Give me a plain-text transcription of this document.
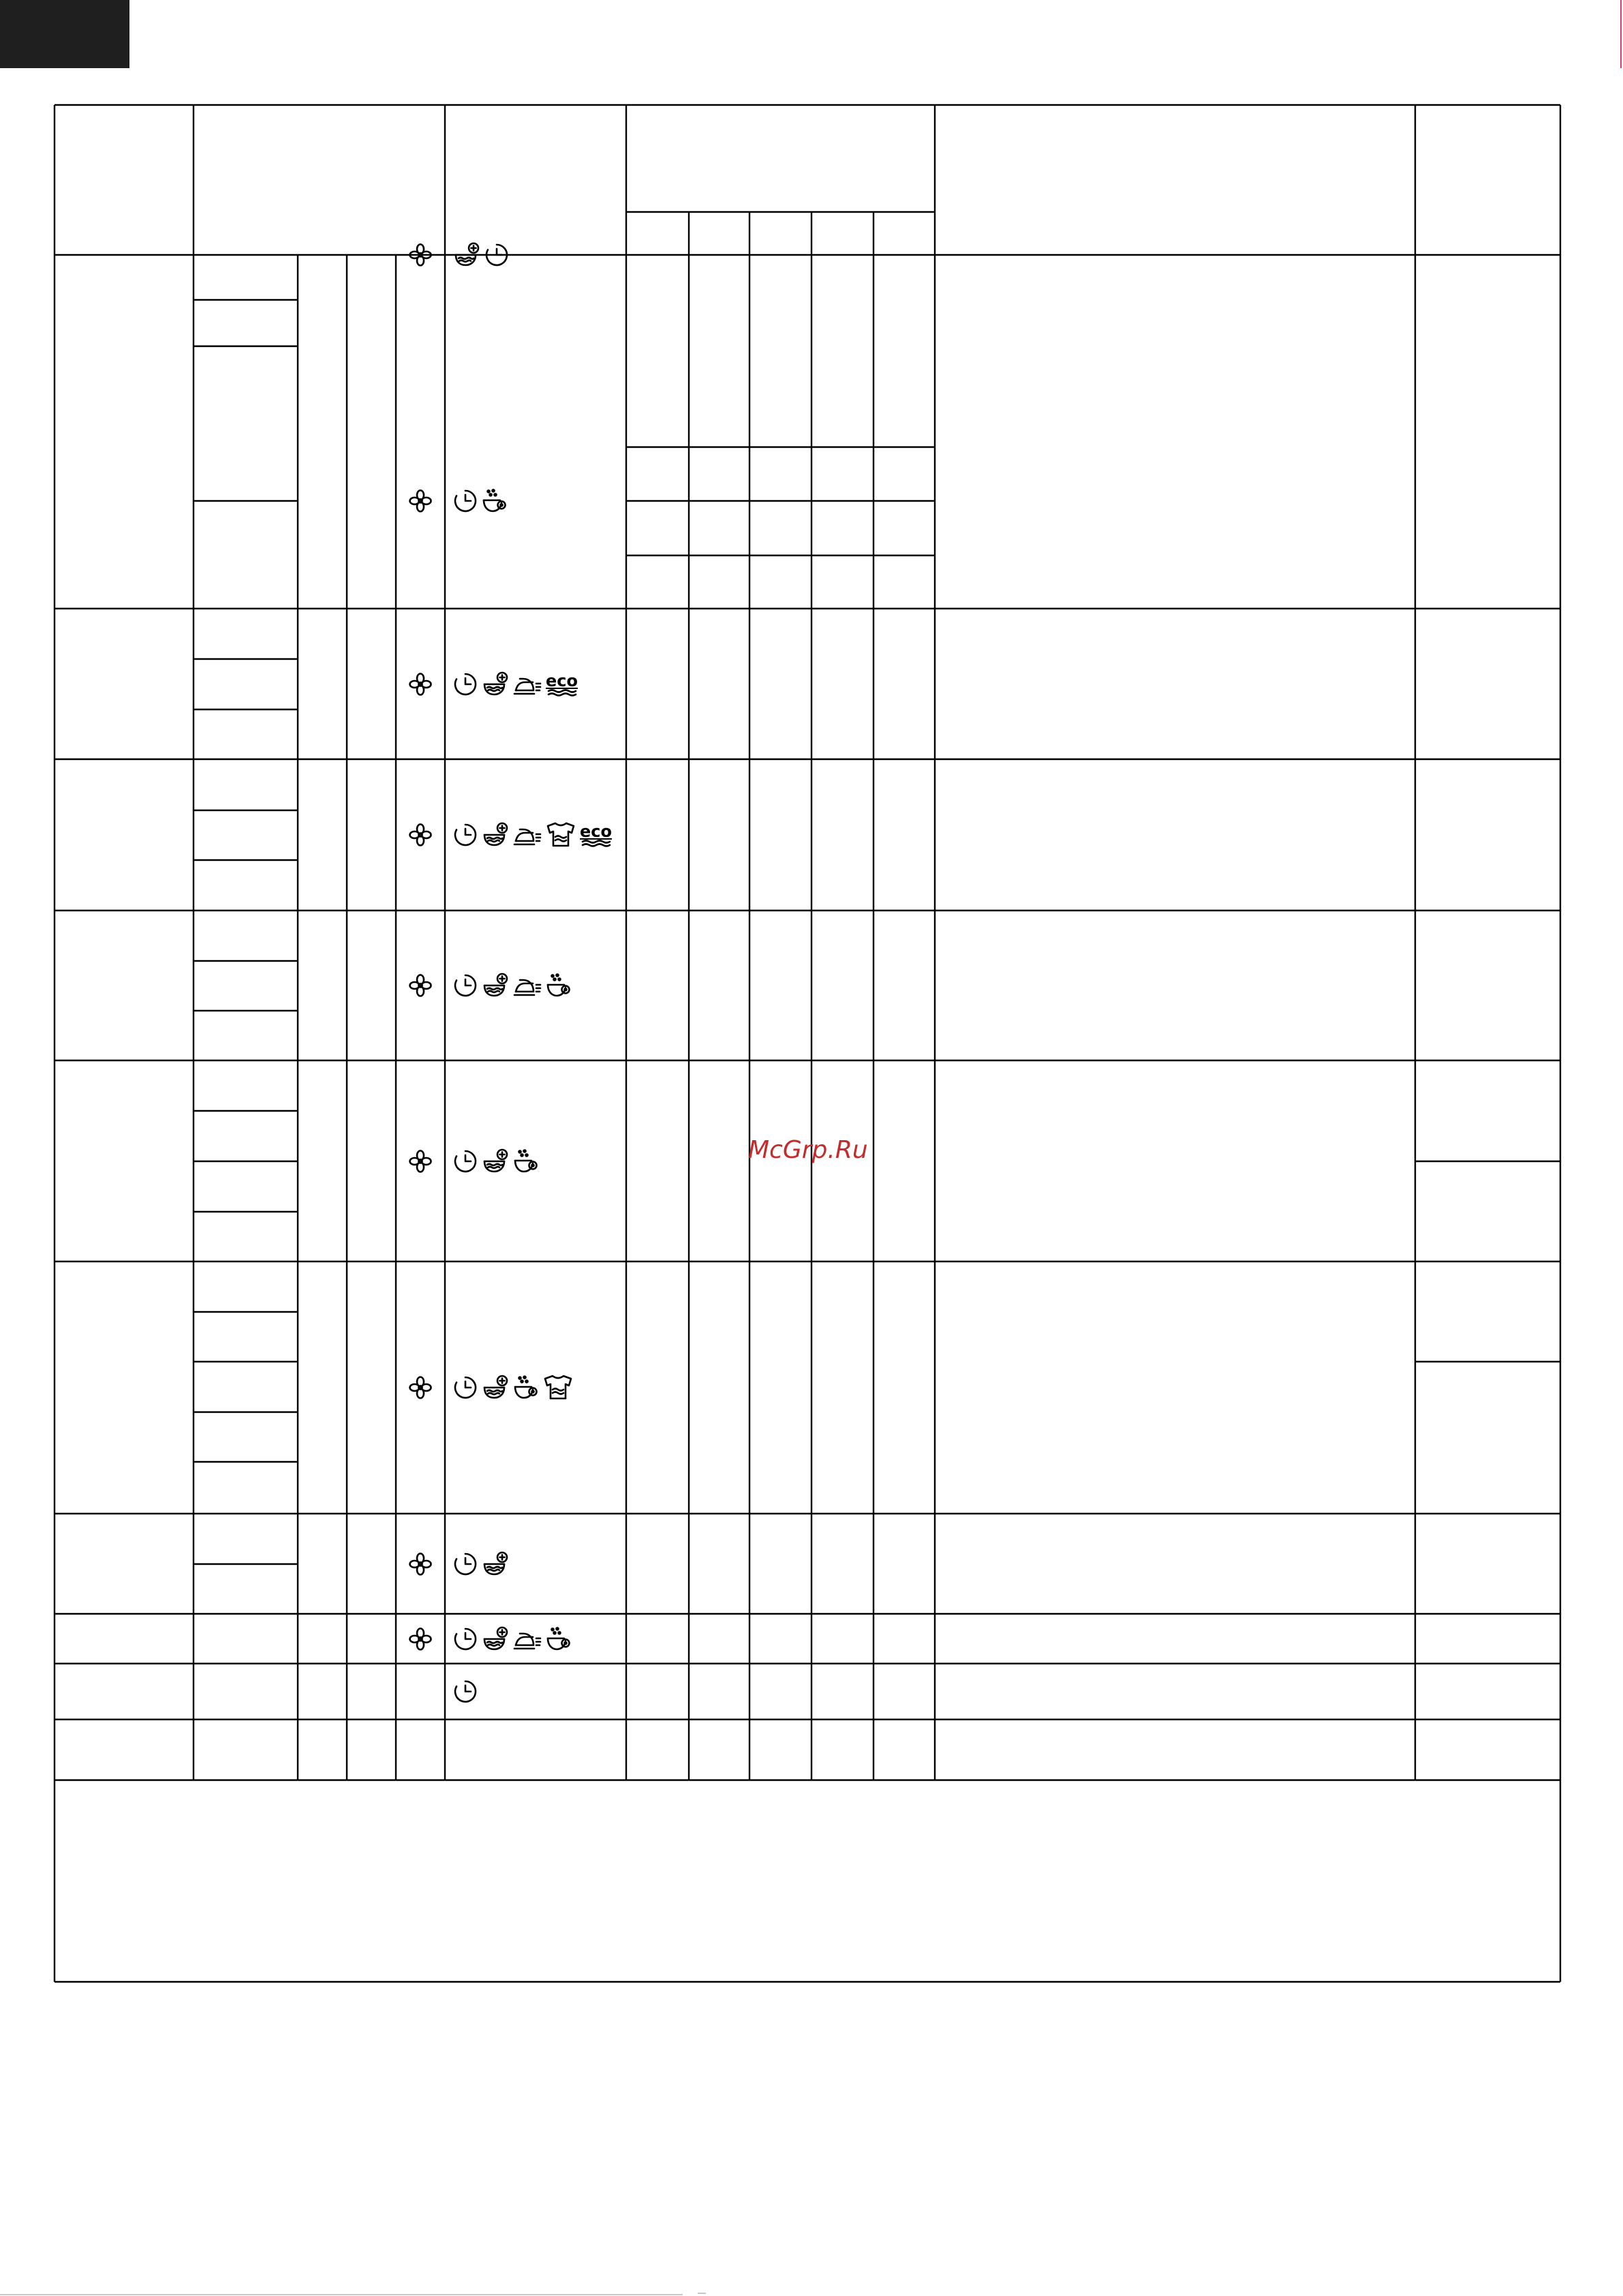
eco
eco
McGrp.Ru
